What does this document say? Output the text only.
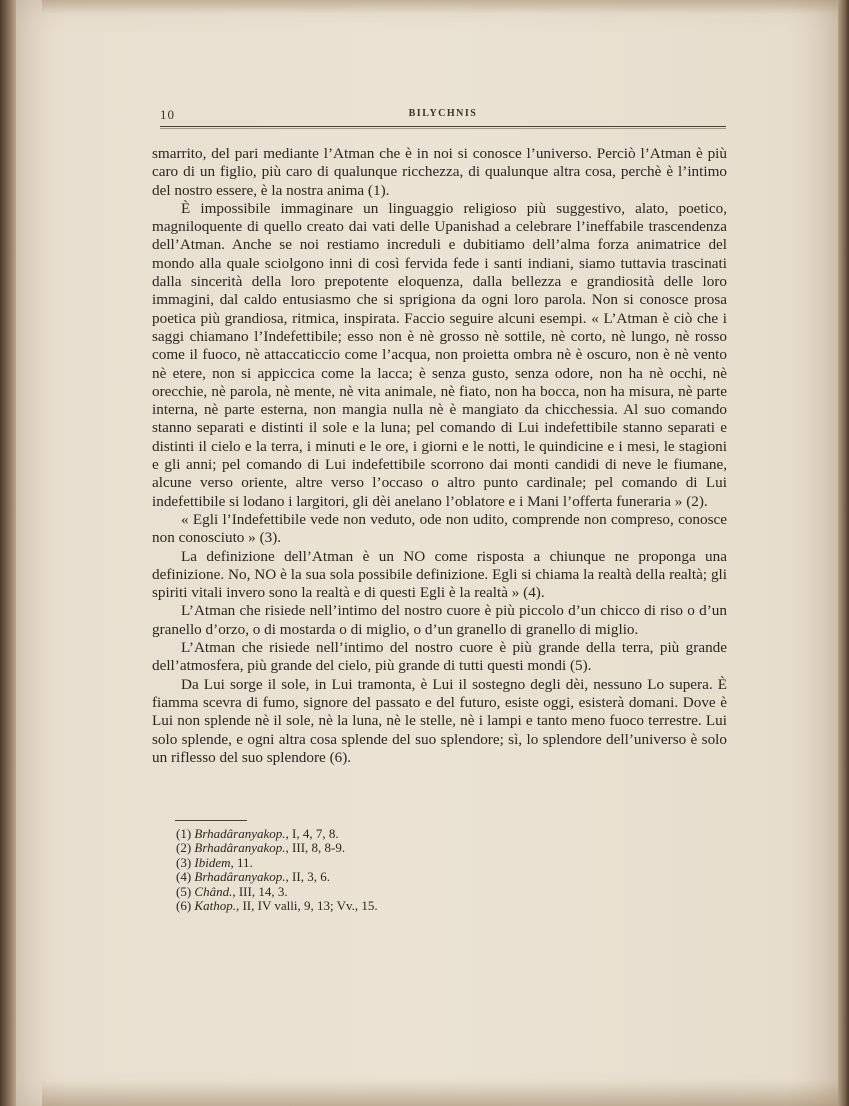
10	BILYCHNIS

smarrito, del pari mediante l’Atman che è in noi si conosce l’universo. Perciò l’Atman è più caro di un figlio, più caro di qualunque ricchezza, di qualunque altra cosa, perchè è l’intimo del nostro essere, è la nostra anima (1).

È impossibile immaginare un linguaggio religioso più suggestivo, alato, poetico, magniloquente di quello creato dai vati delle Upanishad a celebrare l’ineffabile trascendenza dell’Atman. Anche se noi restiamo increduli e dubitiamo dell’alma forza animatrice del mondo alla quale sciolgono inni di così fervida fede i santi indiani, siamo tuttavia trascinati dalla sincerità della loro prepotente eloquenza, dalla bellezza e grandiosità delle loro immagini, dal caldo entusiasmo che si sprigiona da ogni loro parola. Non si conosce prosa poetica più grandiosa, ritmica, inspirata. Faccio seguire alcuni esempi. « L’Atman è ciò che i saggi chiamano l’Indefettibile; esso non è nè grosso nè sottile, nè corto, nè lungo, nè rosso come il fuoco, nè attaccaticcio come l’acqua, non proietta ombra nè è oscuro, non è nè vento nè etere, non si appiccica come la lacca; è senza gusto, senza odore, non ha nè occhi, nè orecchie, nè parola, nè mente, nè vita animale, nè fiato, non ha bocca, non ha misura, nè parte interna, nè parte esterna, non mangia nulla nè è mangiato da chicchessia. Al suo comando stanno separati e distinti il sole e la luna; pel comando di Lui indefettibile stanno separati e distinti il cielo e la terra, i minuti e le ore, i giorni e le notti, le quindicine e i mesi, le stagioni e gli anni; pel comando di Lui indefettibile scorrono dai monti candidi di neve le fiumane, alcune verso oriente, altre verso l’occaso o altro punto cardinale; pel comando di Lui indefettibile si lodano i largitori, gli dèi anelano l’oblatore e i Mani l’offerta funeraria » (2).

« Egli l’Indefettibile vede non veduto, ode non udito, comprende non compreso, conosce non conosciuto » (3).

La definizione dell’Atman è un NO come risposta a chiunque ne proponga una definizione. No, NO è la sua sola possibile definizione. Egli si chiama la realtà della realtà; gli spiriti vitali invero sono la realtà e di questi Egli è la realtà » (4).

L’Atman che risiede nell’intimo del nostro cuore è più piccolo d’un chicco di riso o d’un granello d’orzo, o di mostarda o di miglio, o d’un granello di granello di miglio.

L’Atman che risiede nell’intimo del nostro cuore è più grande della terra, più grande dell’atmosfera, più grande del cielo, più grande di tutti questi mondi (5).

Da Lui sorge il sole, in Lui tramonta, è Lui il sostegno degli dèi, nessuno Lo supera. È fiamma scevra di fumo, signore del passato e del futuro, esiste oggi, esisterà domani. Dove è Lui non splende nè il sole, nè la luna, nè le stelle, nè i lampi e tanto meno fuoco terrestre. Lui solo splende, e ogni altra cosa splende del suo splendore; sì, lo splendore dell’universo è solo un riflesso del suo splendore (6).

(1) Brhadâranyakop., I, 4, 7, 8.

(2) Brhadâranyakop., III, 8, 8-9.

(3) Ibidem, 11.

(4) Brhadâranyakop., II, 3, 6.

(5) Chând., III, 14, 3.

(6) Kathop., II, IV valli, 9, 13; Vv., 15.
